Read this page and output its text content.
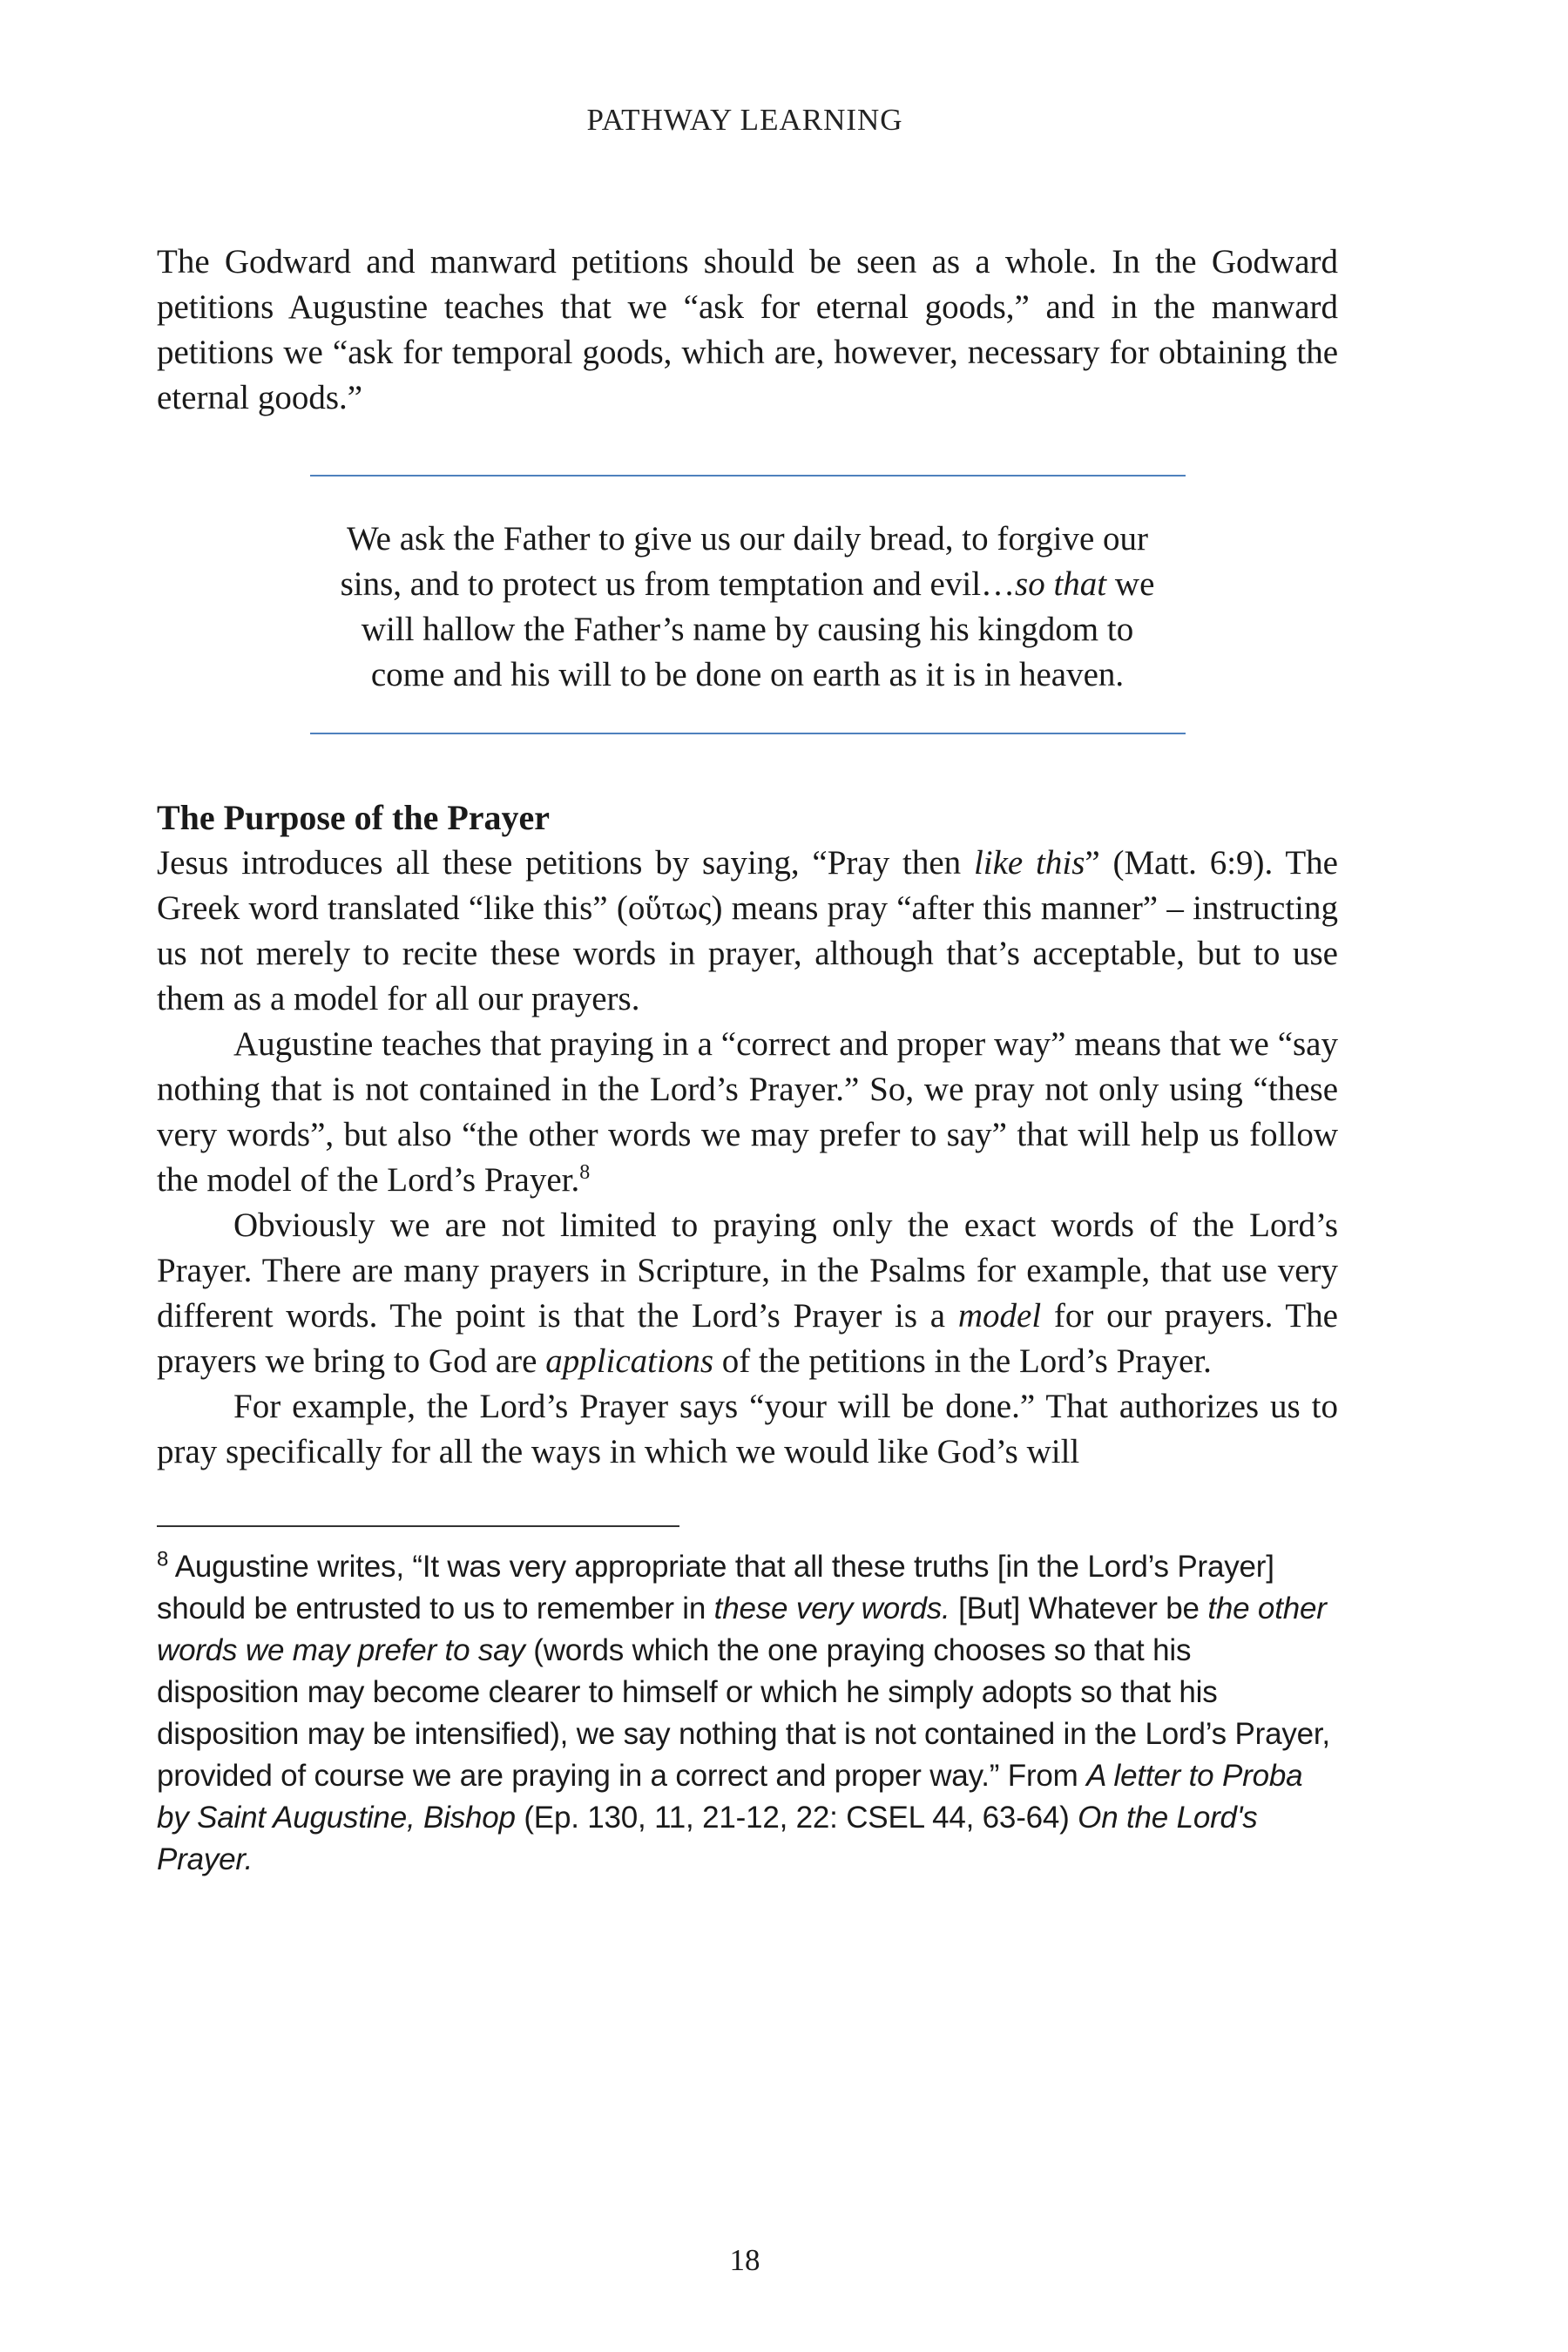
PATHWAY LEARNING

The Godward and manward petitions should be seen as a whole. In the Godward petitions Augustine teaches that we “ask for eternal goods,” and in the manward petitions we “ask for temporal goods, which are, however, necessary for obtaining the eternal goods.”

We ask the Father to give us our daily bread, to forgive our sins, and to protect us from temptation and evil…so that we will hallow the Father’s name by causing his kingdom to come and his will to be done on earth as it is in heaven.
The Purpose of the Prayer

Jesus introduces all these petitions by saying, “Pray then like this” (Matt. 6:9). The Greek word translated “like this” (οὕτως) means pray “after this manner” – instructing us not merely to recite these words in prayer, although that’s acceptable, but to use them as a model for all our prayers.

Augustine teaches that praying in a “correct and proper way” means that we “say nothing that is not contained in the Lord’s Prayer.” So, we pray not only using “these very words”, but also “the other words we may prefer to say” that will help us follow the model of the Lord’s Prayer.$^8$

Obviously we are not limited to praying only the exact words of the Lord’s Prayer. There are many prayers in Scripture, in the Psalms for example, that use very different words. The point is that the Lord’s Prayer is a model for our prayers. The prayers we bring to God are applications of the petitions in the Lord’s Prayer.

For example, the Lord’s Prayer says “your will be done.” That authorizes us to pray specifically for all the ways in which we would like God’s will

$^8$ Augustine writes, “It was very appropriate that all these truths [in the Lord’s Prayer] should be entrusted to us to remember in these very words. [But] Whatever be the other words we may prefer to say (words which the one praying chooses so that his disposition may become clearer to himself or which he simply adopts so that his disposition may be intensified), we say nothing that is not contained in the Lord’s Prayer, provided of course we are praying in a correct and proper way.” From A letter to Proba by Saint Augustine, Bishop (Ep. 130, 11, 21-12, 22: CSEL 44, 63-64) On the Lord's Prayer.
18
